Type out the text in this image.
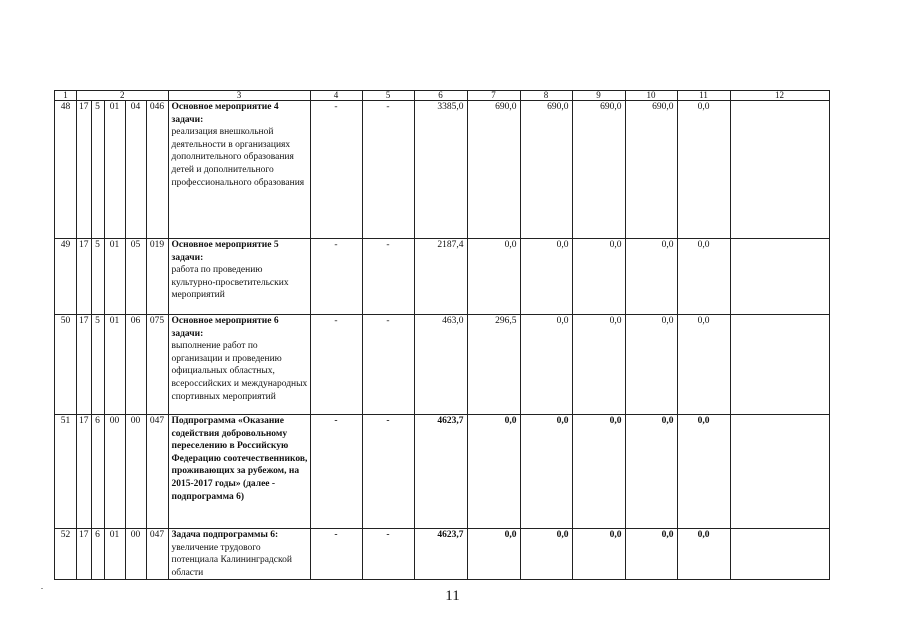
1	2					3	4	5	6	7	8	9	10	11	12
48	17	5	01	04	046	Основное мероприятие 4 задачи:
реализация внешкольной деятельности в организациях дополнительного образования детей и дополнительного профессионального образования	-	-	3385,0	690,0	690,0	690,0	690,0	0,0	
49	17	5	01	05	019	Основное мероприятие 5 задачи:
работа по проведению культурно-просветительских мероприятий	-	-	2187,4	0,0	0,0	0,0	0,0	0,0	
50	17	5	01	06	075	Основное мероприятие 6 задачи:
выполнение работ по организации и проведению официальных областных, всероссийских и международных спортивных мероприятий	-	-	463,0	296,5	0,0	0,0	0,0	0,0	
51	17	6	00	00	047	Подпрограмма «Оказание содействия добровольному переселению в Российскую Федерацию соотечественников, проживающих за рубежом, на 2015-2017 годы» (далее - подпрограмма 6)	-	-	4623,7	0,0	0,0	0,0	0,0	0,0	
52	17	6	01	00	047	Задача подпрограммы 6:
увеличение трудового потенциала Калининградской области	-	-	4623,7	0,0	0,0	0,0	0,0	0,0	
11
